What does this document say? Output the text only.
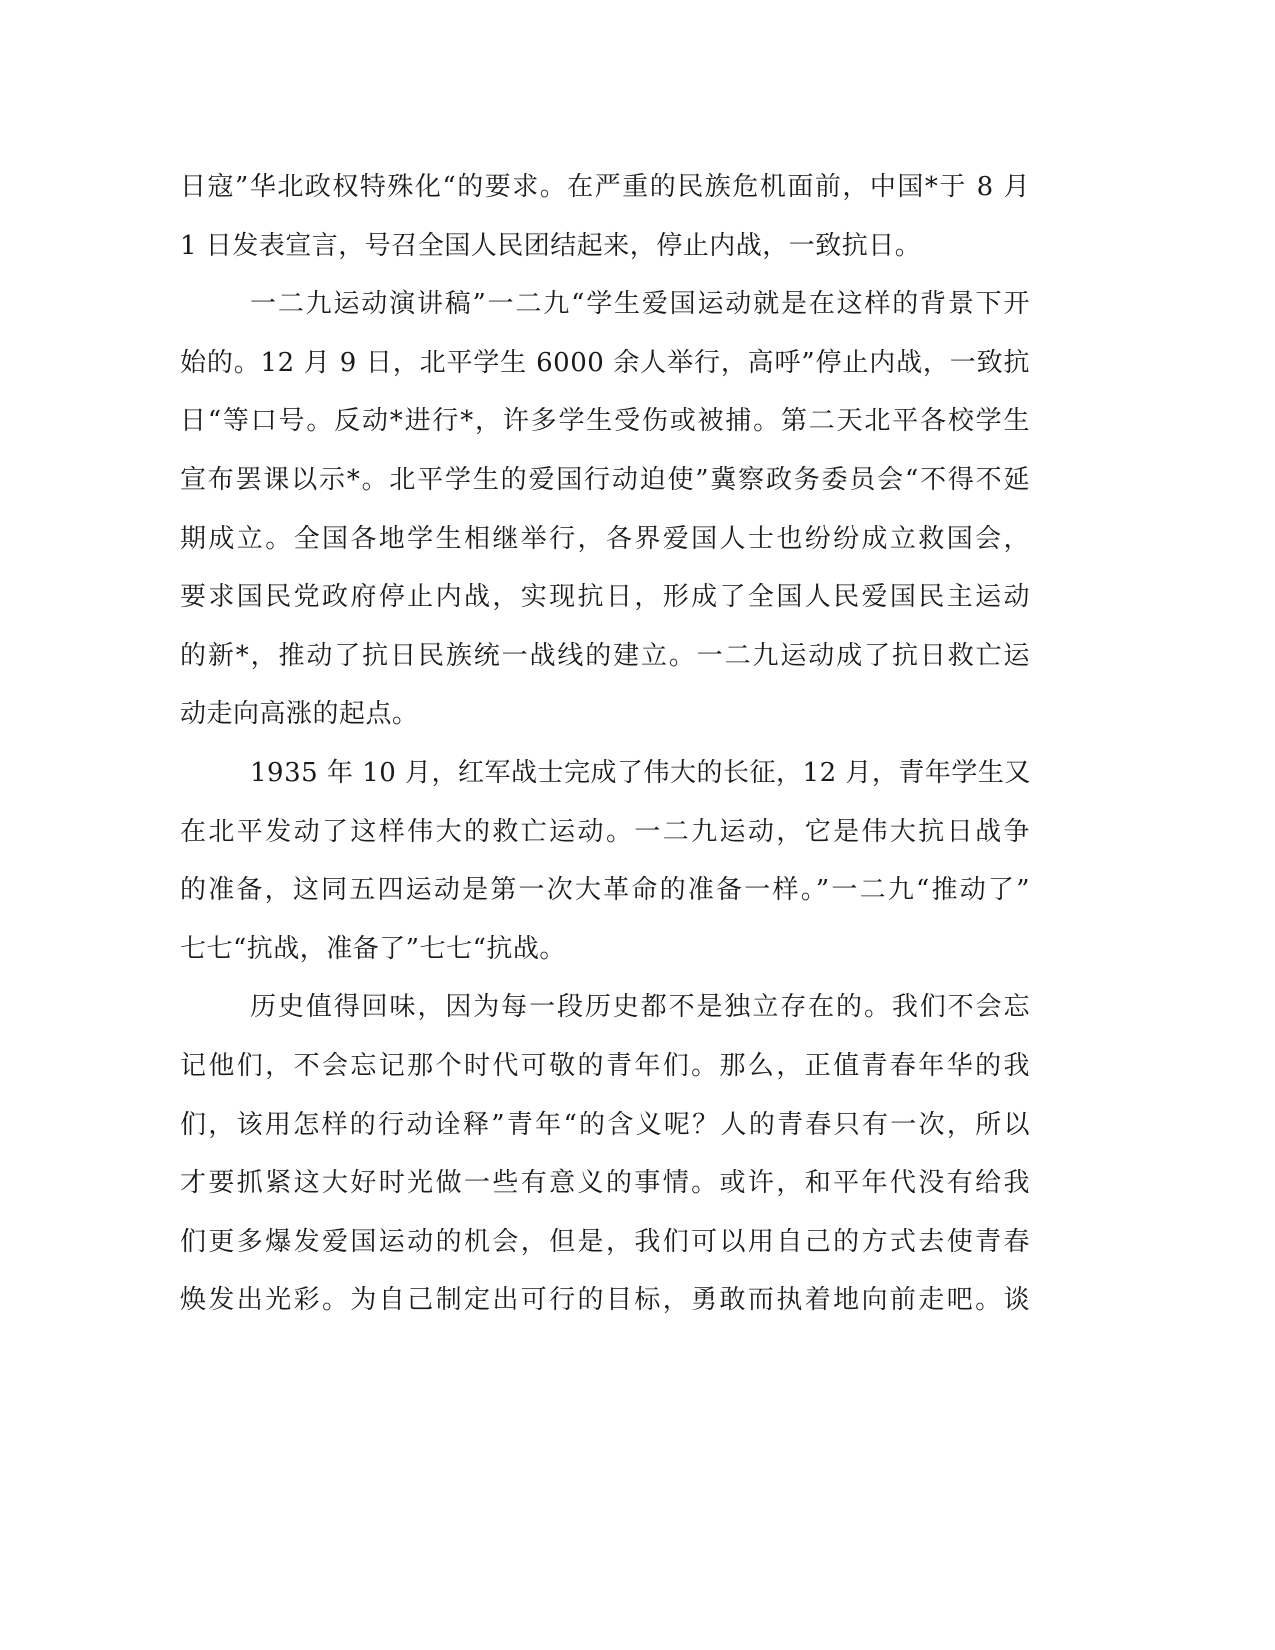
日寇”华北政权特殊化“的要求。在严重的民族危机面前，中国*于 8 月
1 日发表宣言，号召全国人民团结起来，停止内战，一致抗日。
一二九运动演讲稿”一二九“学生爱国运动就是在这样的背景下开
始的。12 月 9 日，北平学生 6000 余人举行，高呼”停止内战，一致抗
日“等口号。反动*进行*，许多学生受伤或被捕。第二天北平各校学生
宣布罢课以示*。北平学生的爱国行动迫使”冀察政务委员会“不得不延
期成立。全国各地学生相继举行，各界爱国人士也纷纷成立救国会，
要求国民党政府停止内战，实现抗日，形成了全国人民爱国民主运动
的新*，推动了抗日民族统一战线的建立。一二九运动成了抗日救亡运
动走向高涨的起点。
1935 年 10 月，红军战士完成了伟大的长征，12 月，青年学生又
在北平发动了这样伟大的救亡运动。一二九运动，它是伟大抗日战争
的准备，这同五四运动是第一次大革命的准备一样。”一二九“推动了”
七七“抗战，准备了”七七“抗战。
历史值得回味，因为每一段历史都不是独立存在的。我们不会忘
记他们，不会忘记那个时代可敬的青年们。那么，正值青春年华的我
们，该用怎样的行动诠释”青年“的含义呢？人的青春只有一次，所以
才要抓紧这大好时光做一些有意义的事情。或许，和平年代没有给我
们更多爆发爱国运动的机会，但是，我们可以用自己的方式去使青春
焕发出光彩。为自己制定出可行的目标，勇敢而执着地向前走吧。谈
